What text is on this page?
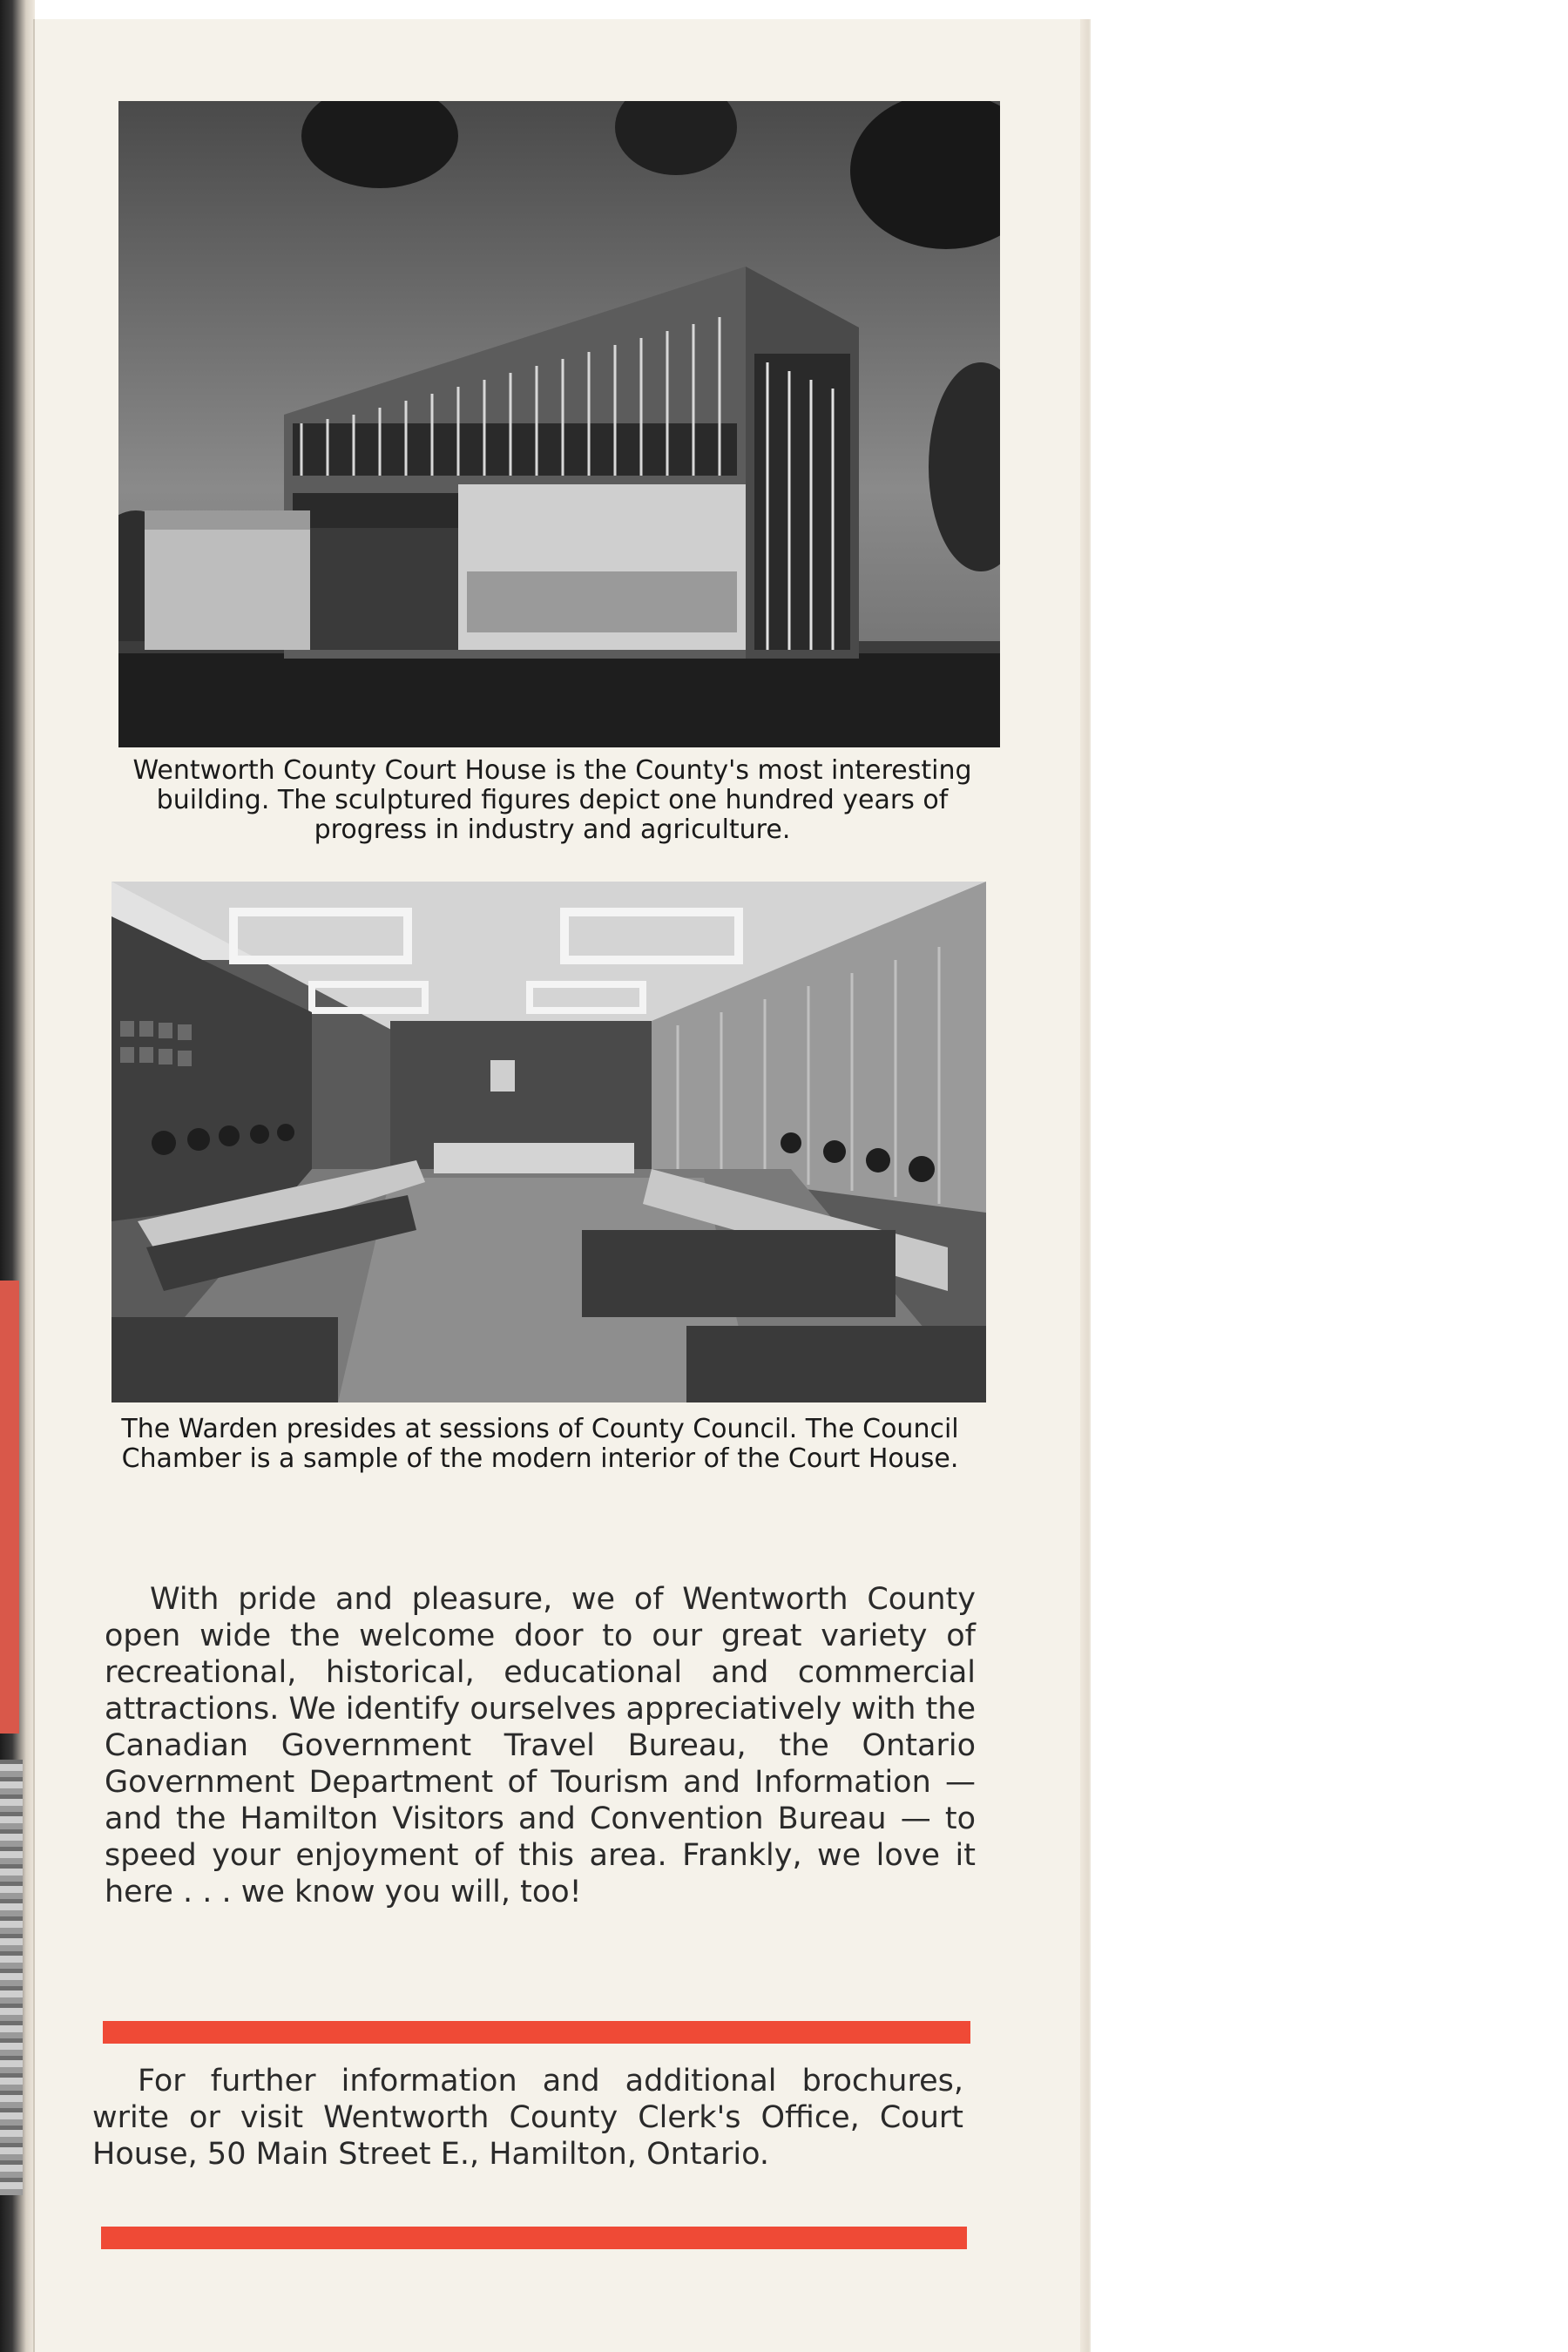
Wentworth County Court House is the County's most interesting building. The sculptured figures depict one hundred years of progress in industry and agriculture.
The Warden presides at sessions of County Council. The Council Chamber is a sample of the modern interior of the Court House.
With pride and pleasure, we of Wentworth County open wide the welcome door to our great variety of recreational, historical, educational and commercial attractions. We identify ourselves appreciatively with the Canadian Government Travel Bureau, the Ontario Government Department of Tourism and Information — and the Hamilton Visitors and Convention Bureau — to speed your enjoyment of this area. Frankly, we love it here . . . we know you will, too!
For further information and additional brochures, write or visit Wentworth County Clerk's Office, Court House, 50 Main Street E., Hamilton, Ontario.
